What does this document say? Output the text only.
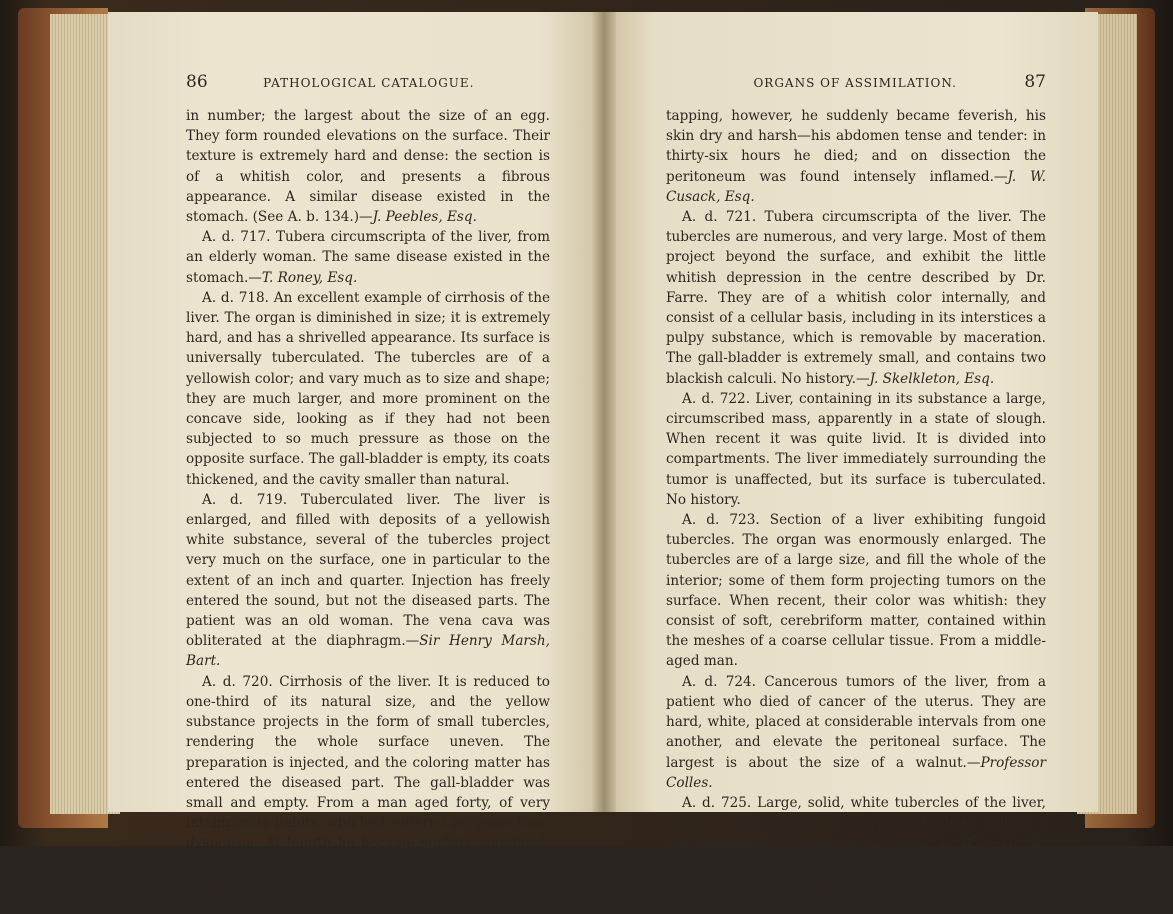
86	PATHOLOGICAL CATALOGUE.

in number; the largest about the size of an egg. They form rounded elevations on the surface. Their texture is extremely hard and dense: the section is of a whitish color, and presents a fibrous appearance. A similar disease existed in the stomach. (See A. b. 134.)—J. Peebles, Esq.

A. d. 717. Tubera circumscripta of the liver, from an elderly woman. The same disease existed in the stomach.—T. Roney, Esq.

A. d. 718. An excellent example of cirrhosis of the liver. The organ is diminished in size; it is extremely hard, and has a shrivelled appearance. Its surface is universally tuberculated. The tubercles are of a yellowish color; and vary much as to size and shape; they are much larger, and more prominent on the concave side, looking as if they had not been subjected to so much pressure as those on the opposite surface. The gall-bladder is empty, its coats thickened, and the cavity smaller than natural.

A. d. 719. Tuberculated liver. The liver is enlarged, and filled with deposits of a yellowish white substance, several of the tubercles project very much on the surface, one in particular to the extent of an inch and quarter. Injection has freely entered the sound, but not the diseased parts. The patient was an old woman. The vena cava was obliterated at the diaphragm.—Sir Henry Marsh, Bart.

A. d. 720. Cirrhosis of the liver. It is reduced to one-third of its natural size, and the yellow substance projects in the form of small tubercles, rendering the whole surface uneven. The preparation is injected, and the coloring matter has entered the diseased part. The gall-bladder was small and empty. From a man aged forty, of very intemperate habits, who had suffered for years from dyspepsia. At length he became slightly jaundiced, and his abdomen began to swell; at the end of a year he was tapped. The fluid re-accumulated and was again drawn off. After the second

ORGANS OF ASSIMILATION.	87

tapping, however, he suddenly became feverish, his skin dry and harsh—his abdomen tense and tender: in thirty-six hours he died; and on dissection the peritoneum was found intensely inflamed.—J. W. Cusack, Esq.

A. d. 721. Tubera circumscripta of the liver. The tubercles are numerous, and very large. Most of them project beyond the surface, and exhibit the little whitish depression in the centre described by Dr. Farre. They are of a whitish color internally, and consist of a cellular basis, including in its interstices a pulpy substance, which is removable by maceration. The gall-bladder is extremely small, and contains two blackish calculi. No history.—J. Skelkleton, Esq.

A. d. 722. Liver, containing in its substance a large, circumscribed mass, apparently in a state of slough. When recent it was quite livid. It is divided into compartments. The liver immediately surrounding the tumor is unaffected, but its surface is tuberculated. No history.

A. d. 723. Section of a liver exhibiting fungoid tubercles. The organ was enormously enlarged. The tubercles are of a large size, and fill the whole of the interior; some of them form projecting tumors on the surface. When recent, their color was whitish: they consist of soft, cerebriform matter, contained within the meshes of a coarse cellular tissue. From a middle-aged man.

A. d. 724. Cancerous tumors of the liver, from a patient who died of cancer of the uterus. They are hard, white, placed at considerable intervals from one another, and elevate the peritoneal surface. The largest is about the size of a walnut.—Professor Colles.

A. d. 725. Large, solid, white tubercles of the liver, from a subject, to the upper part of whose kidney, a fungoid tumor was attached. (See F. a. 85).—Dr. N. Adams.

A. d. 726. Common tubercle of the liver, from a middle aged man of intemperate habits.
